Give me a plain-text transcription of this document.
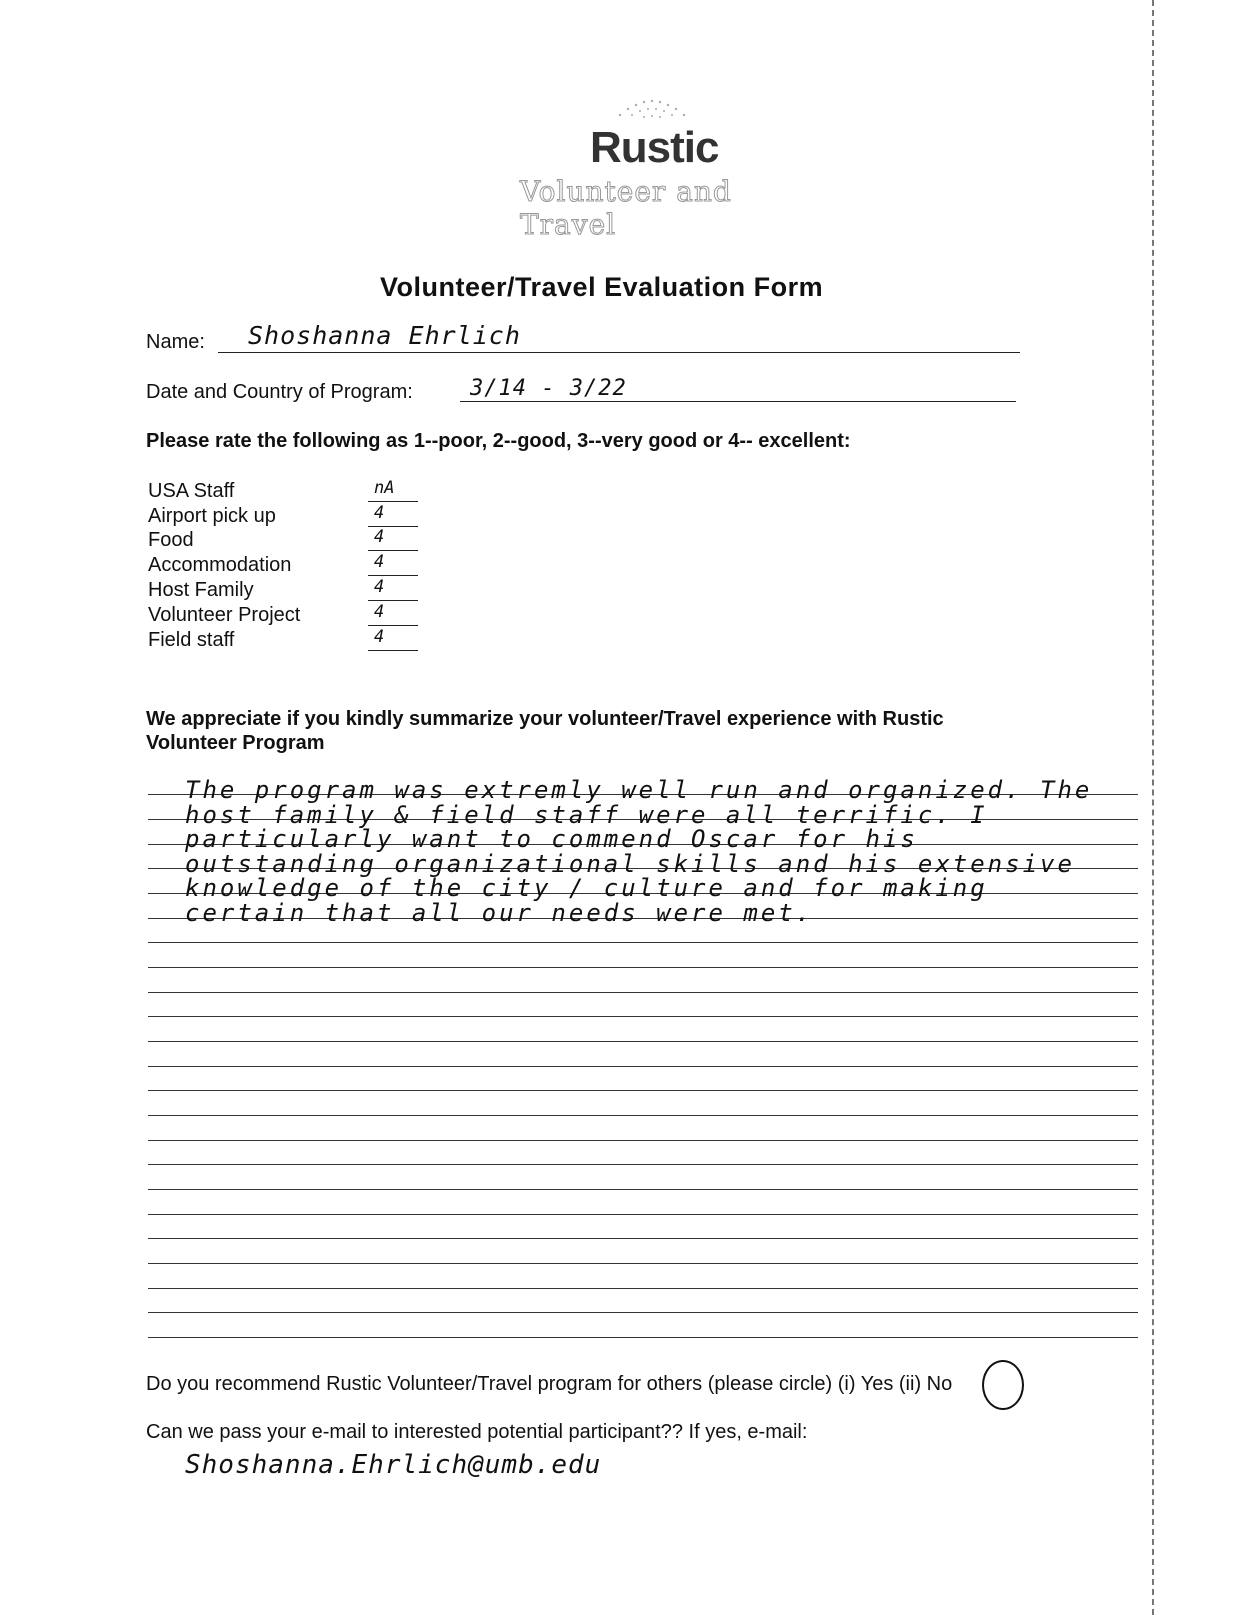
Rustic
Volunteer and Travel
Volunteer/Travel Evaluation Form
Name: Shoshanna Ehrlich
Date and Country of Program:	3/14 - 3/22
Please rate the following as 1--poor, 2--good, 3--very good or 4-- excellent:
USA Staff	nA
Airport pick up	4
Food	4
Accommodation	4
Host Family	4
Volunteer Project	4
Field staff	4
We appreciate if you kindly summarize your volunteer/Travel experience with Rustic
Volunteer Program
The program was extremly well run and organized. The host family & field staff were all terrific. I particularly want to commend Oscar for his outstanding organizational skills and his extensive knowledge of the city / culture and for making certain that all our needs were met.
Do you recommend Rustic Volunteer/Travel program for others (please circle) (i) Yes (ii) No
Can we pass your e-mail to interested potential participant?? If yes, e-mail:
Shoshanna.Ehrlich@umb.edu
